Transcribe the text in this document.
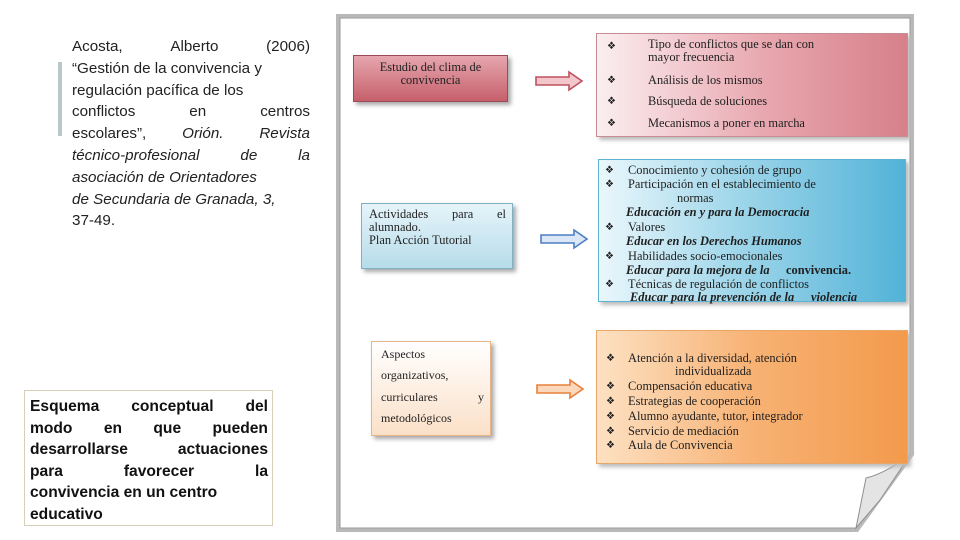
Acosta,	Alberto	(2006)
“Gestión de la convivencia y
regulación pacífica de los
conflictos	en	centros
escolares”, Orión. Revista
técnico-profesional	de	la
asociación de Orientadores
de Secundaria de Granada, 3,
37-49.
Esquema conceptual del
modo en que pueden
desarrollarse	actuaciones
para	favorecer	la
convivencia en un centro
educativo
Estudio del clima de
convivencia
Actividades para el
alumnado.
Plan Acción Tutorial
Aspectos
organizativos,
curriculares	y
metodológicos
❖	Tipo de conflictos que se dan con
mayor frecuencia
❖	Análisis de los mismos
❖	Búsqueda de soluciones
❖	Mecanismos a poner en marcha
❖ Conocimiento y cohesión de grupo
❖ Participación en el establecimiento de
normas
Educación en y para la Democracia
❖ Valores
Educar en los Derechos Humanos
❖ Habilidades socio-emocionales
Educar para la mejora de la convivencia.
❖ Técnicas de regulación de conflictos
Educar para la prevención de la violencia
❖ Atención a la diversidad, atención
individualizada
❖ Compensación educativa
❖ Estrategias de cooperación
❖ Alumno ayudante, tutor, integrador
❖ Servicio de mediación
❖ Aula de Convivencia
